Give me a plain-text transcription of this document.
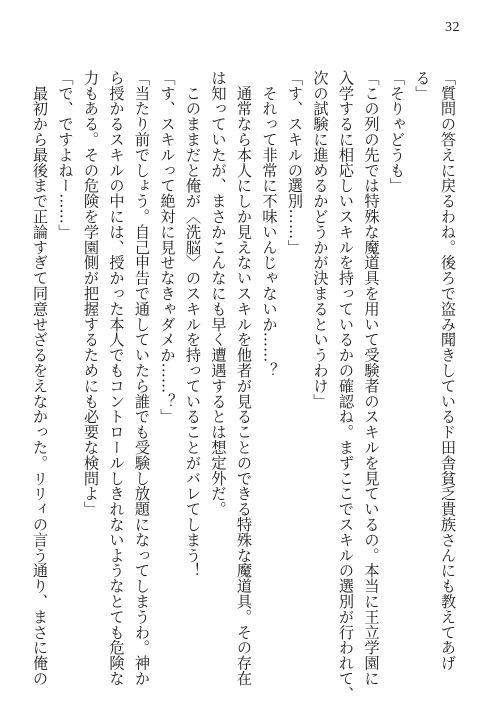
32

「質問の答えに戻るわね。後ろで盗み聞きしているド田舎貧乏貴族さんにも教えてあげ

る」

「そりゃどうも」

「この列の先では特殊な魔道具を用いて受験者のスキルを見ているの。本当に王立学園に

入学するに相応しいスキルを持っているかの確認ね。まずここでスキルの選別が行われて、

次の試験に進めるかどうかが決まるというわけ」

「す、スキルの選別……」

　それって非常に不味いんじゃないか……？

　通常なら本人にしか見えないスキルを他者が見ることのできる特殊な魔道具。その存在

は知っていたが、まさかこんなにも早く遭遇するとは想定外だ。

　このままだと俺が〈洗脳〉のスキルを持っていることがバレてしまう！

「す、スキルって絶対に見せなきゃダメか……？」

「当たり前でしょう。自己申告で通していたら誰でも受験し放題になってしまうわ。神か

ら授かるスキルの中には、授かった本人でもコントロールしきれないようなとても危険な

力もある。その危険を学園側が把握するためにも必要な検問よ」

「で、ですよねー……」

　最初から最後まで正論すぎて同意せざるをえなかった。リリィの言う通り、まさに俺の
